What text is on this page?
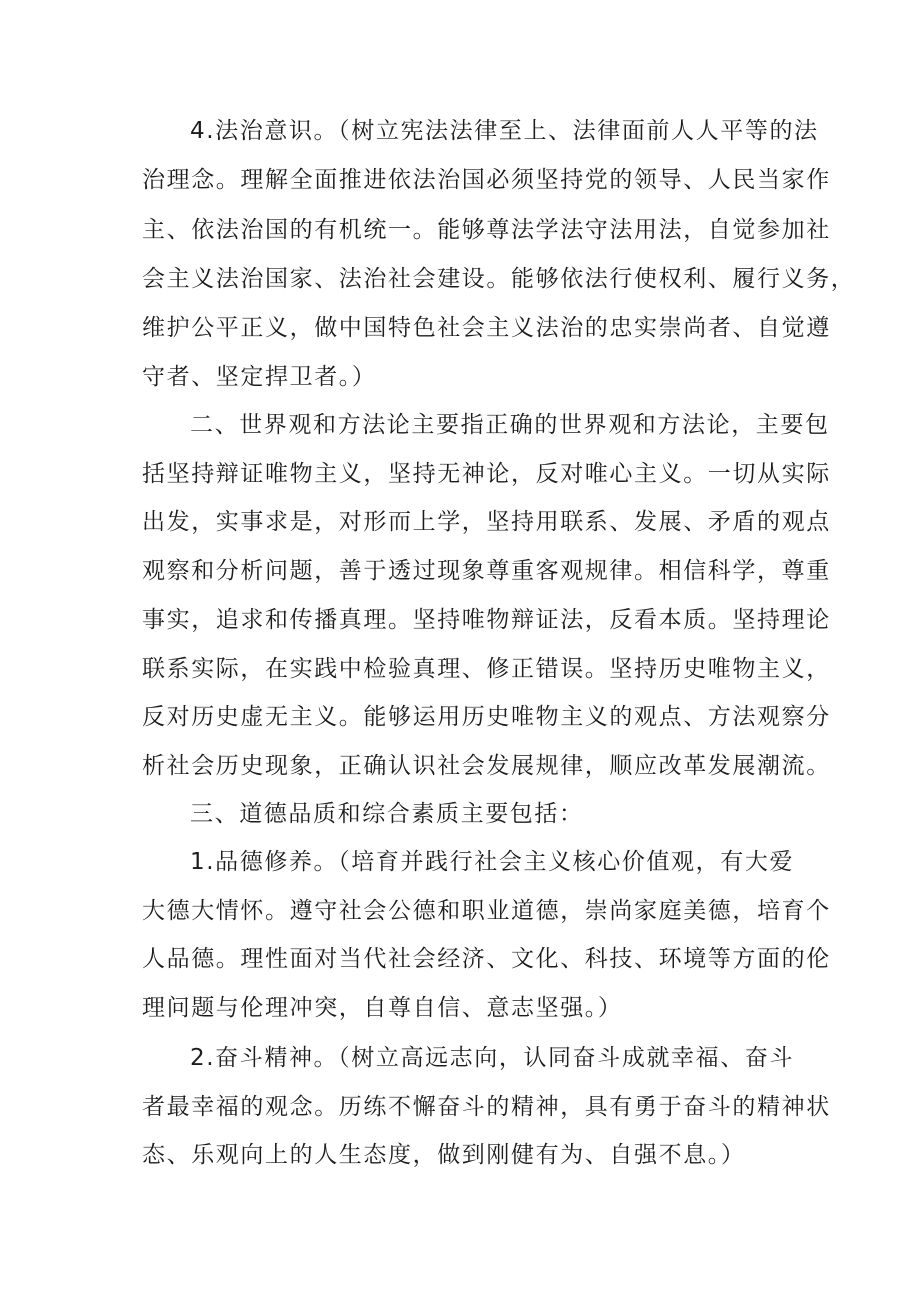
4.法治意识。（树立宪法法律至上、法律面前人人平等的法
治理念。理解全面推进依法治国必须坚持党的领导、人民当家作
主、依法治国的有机统一。能够尊法学法守法用法，自觉参加社
会主义法治国家、法治社会建设。能够依法行使权利、履行义务，
维护公平正义，做中国特色社会主义法治的忠实崇尚者、自觉遵
守者、坚定捍卫者。）
二、世界观和方法论主要指正确的世界观和方法论，主要包
括坚持辩证唯物主义，坚持无神论，反对唯心主义。一切从实际
出发，实事求是，对形而上学，坚持用联系、发展、矛盾的观点
观察和分析问题，善于透过现象尊重客观规律。相信科学，尊重
事实，追求和传播真理。坚持唯物辩证法，反看本质。坚持理论
联系实际，在实践中检验真理、修正错误。坚持历史唯物主义，
反对历史虚无主义。能够运用历史唯物主义的观点、方法观察分
析社会历史现象，正确认识社会发展规律，顺应改革发展潮流。
三、道德品质和综合素质主要包括：
1.品德修养。（培育并践行社会主义核心价值观，有大爱
大德大情怀。遵守社会公德和职业道德，崇尚家庭美德，培育个
人品德。理性面对当代社会经济、文化、科技、环境等方面的伦
理问题与伦理冲突，自尊自信、意志坚强。）
2.奋斗精神。（树立高远志向，认同奋斗成就幸福、奋斗
者最幸福的观念。历练不懈奋斗的精神，具有勇于奋斗的精神状
态、乐观向上的人生态度，做到刚健有为、自强不息。）
